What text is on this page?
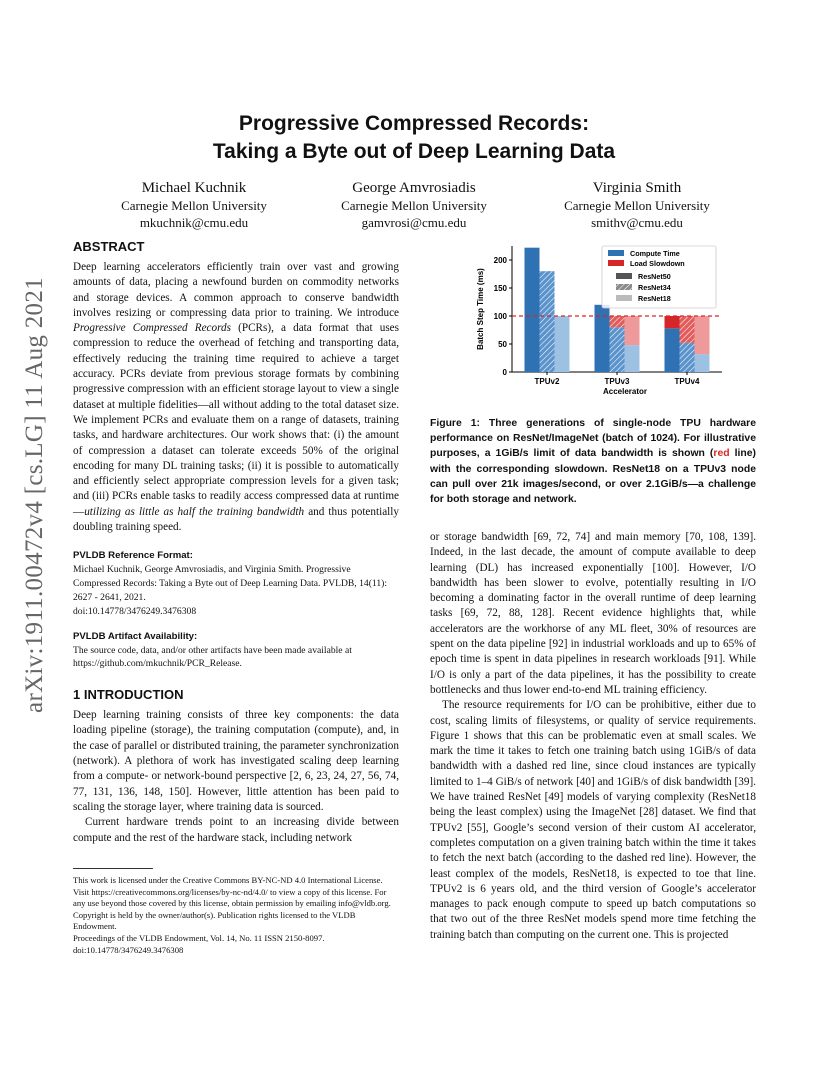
Progressive Compressed Records:
Taking a Byte out of Deep Learning Data
Michael Kuchnik
Carnegie Mellon University
mkuchnik@cmu.edu
George Amvrosiadis
Carnegie Mellon University
gamvrosi@cmu.edu
Virginia Smith
Carnegie Mellon University
smithv@cmu.edu
arXiv:1911.00472v4 [cs.LG] 11 Aug 2021
ABSTRACT

Deep learning accelerators efficiently train over vast and growing amounts of data, placing a newfound burden on commodity networks and storage devices. A common approach to conserve bandwidth involves resizing or compressing data prior to training. We introduce Progressive Compressed Records (PCRs), a data format that uses compression to reduce the overhead of fetching and transporting data, effectively reducing the training time required to achieve a target accuracy. PCRs deviate from previous storage formats by combining progressive compression with an efficient storage layout to view a single dataset at multiple fidelities—all without adding to the total dataset size. We implement PCRs and evaluate them on a range of datasets, training tasks, and hardware architectures. Our work shows that: (i) the amount of compression a dataset can tolerate exceeds 50% of the original encoding for many DL training tasks; (ii) it is possible to automatically and efficiently select appropriate compression levels for a given task; and (iii) PCRs enable tasks to readily access compressed data at runtime—utilizing as little as half the training bandwidth and thus potentially doubling training speed.

PVLDB Reference Format:

Michael Kuchnik, George Amvrosiadis, and Virginia Smith. Progressive Compressed Records: Taking a Byte out of Deep Learning Data. PVLDB, 14(11): 2627 - 2641, 2021.

doi:10.14778/3476249.3476308

PVLDB Artifact Availability:

The source code, data, and/or other artifacts have been made available at https://github.com/mkuchnik/PCR_Release.

1 INTRODUCTION

Deep learning training consists of three key components: the data loading pipeline (storage), the training computation (compute), and, in the case of parallel or distributed training, the parameter synchronization (network). A plethora of work has investigated scaling deep learning from a compute- or network-bound perspective [2, 6, 23, 24, 27, 56, 74, 77, 131, 136, 148, 150]. However, little attention has been paid to scaling the storage layer, where training data is sourced.

Current hardware trends point to an increasing divide between compute and the rest of the hardware stack, including network

This work is licensed under the Creative Commons BY-NC-ND 4.0 International License. Visit https://creativecommons.org/licenses/by-nc-nd/4.0/ to view a copy of this license. For any use beyond those covered by this license, obtain permission by emailing info@vldb.org. Copyright is held by the owner/author(s). Publication rights licensed to the VLDB Endowment.

Proceedings of the VLDB Endowment, Vol. 14, No. 11 ISSN 2150-8097.

doi:10.14778/3476249.3476308

0
50
100
150
200
Batch Step Time (ms)
TPUv2	TPUv3	TPUv4
Accelerator
Compute Time
Load Slowdown
ResNet50
ResNet34
ResNet18

Figure 1: Three generations of single-node TPU hardware performance on ResNet/ImageNet (batch of 1024). For illustrative purposes, a 1GiB/s limit of data bandwidth is shown (red line) with the corresponding slowdown. ResNet18 on a TPUv3 node can pull over 21k images/second, or over 2.1GiB/s—a challenge for both storage and network.

or storage bandwidth [69, 72, 74] and main memory [70, 108, 139]. Indeed, in the last decade, the amount of compute available to deep learning (DL) has increased exponentially [100]. However, I/O bandwidth has been slower to evolve, potentially resulting in I/O becoming a dominating factor in the overall runtime of deep learning tasks [69, 72, 88, 128]. Recent evidence highlights that, while accelerators are the workhorse of any ML fleet, 30% of resources are spent on the data pipeline [92] in industrial workloads and up to 65% of epoch time is spent in data pipelines in research workloads [91]. While I/O is only a part of the data pipelines, it has the possibility to create bottlenecks and thus lower end-to-end ML training efficiency.

The resource requirements for I/O can be prohibitive, either due to cost, scaling limits of filesystems, or quality of service requirements. Figure 1 shows that this can be problematic even at small scales. We mark the time it takes to fetch one training batch using 1GiB/s of data bandwidth with a dashed red line, since cloud instances are typically limited to 1–4 GiB/s of network [40] and 1GiB/s of disk bandwidth [39]. We have trained ResNet [49] models of varying complexity (ResNet18 being the least complex) using the ImageNet [28] dataset. We find that TPUv2 [55], Google’s second version of their custom AI accelerator, completes computation on a given training batch within the time it takes to fetch the next batch (according to the dashed red line). However, the least complex of the models, ResNet18, is expected to toe that line. TPUv2 is 6 years old, and the third version of Google’s accelerator manages to pack enough compute to speed up batch computations so that two out of the three ResNet models spend more time fetching the training batch than computing on the current one. This is projected
